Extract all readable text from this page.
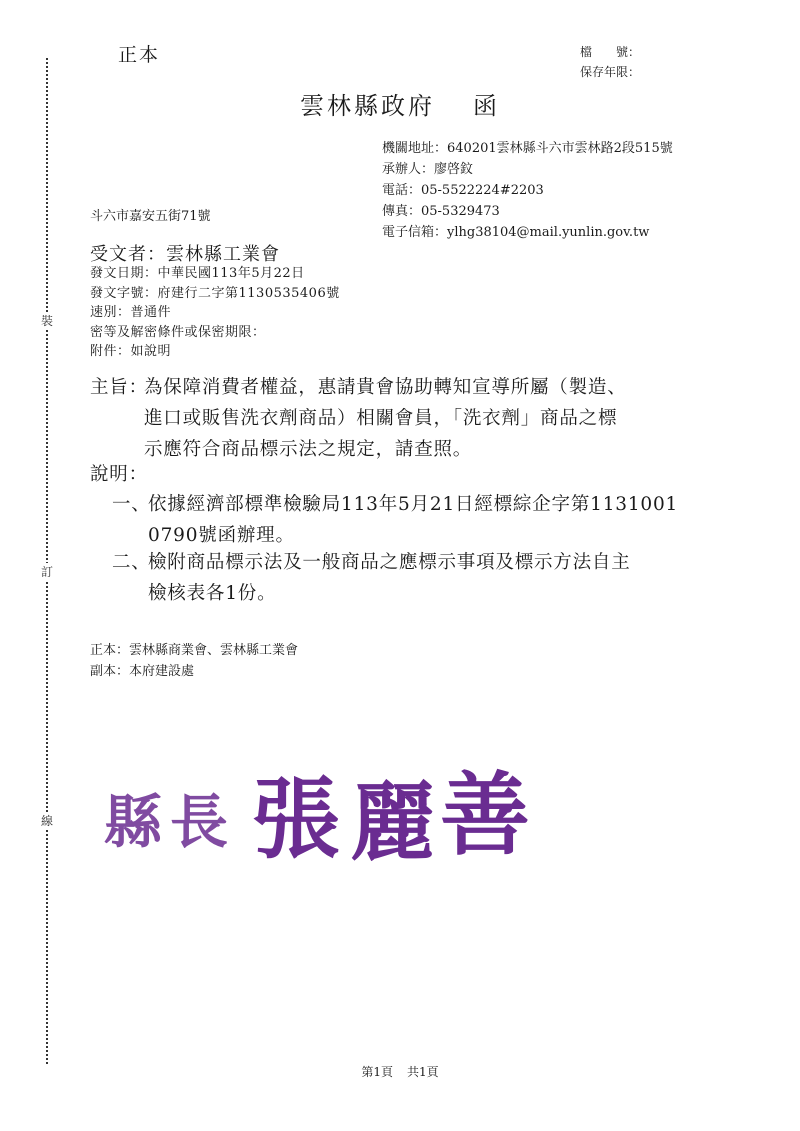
裝
訂
線
正本	檔　　號：
保存年限：
雲林縣政府 函
機關地址：640201雲林縣斗六市雲林路2段515號
承辦人：廖啓鈫
電話：05-5522224#2203
傳真：05-5329473
電子信箱：ylhg38104@mail.yunlin.gov.tw
斗六市嘉安五街71號
受文者：雲林縣工業會
發文日期：中華民國113年5月22日
發文字號：府建行二字第1130535406號
速別：普通件
密等及解密條件或保密期限：
附件：如說明
主旨：
為保障消費者權益，惠請貴會協助轉知宣導所屬（製造、
進口或販售洗衣劑商品）相關會員，「洗衣劑」商品之標
示應符合商品標示法之規定，請查照。
說明：
一、
依據經濟部標準檢驗局113年5月21日經標綜企字第1131001
0790號函辦理。
二、
檢附商品標示法及一般商品之應標示事項及標示方法自主
檢核表各1份。
正本：雲林縣商業會、雲林縣工業會
副本：本府建設處
縣 長 張 麗 善
第1頁 共1頁
